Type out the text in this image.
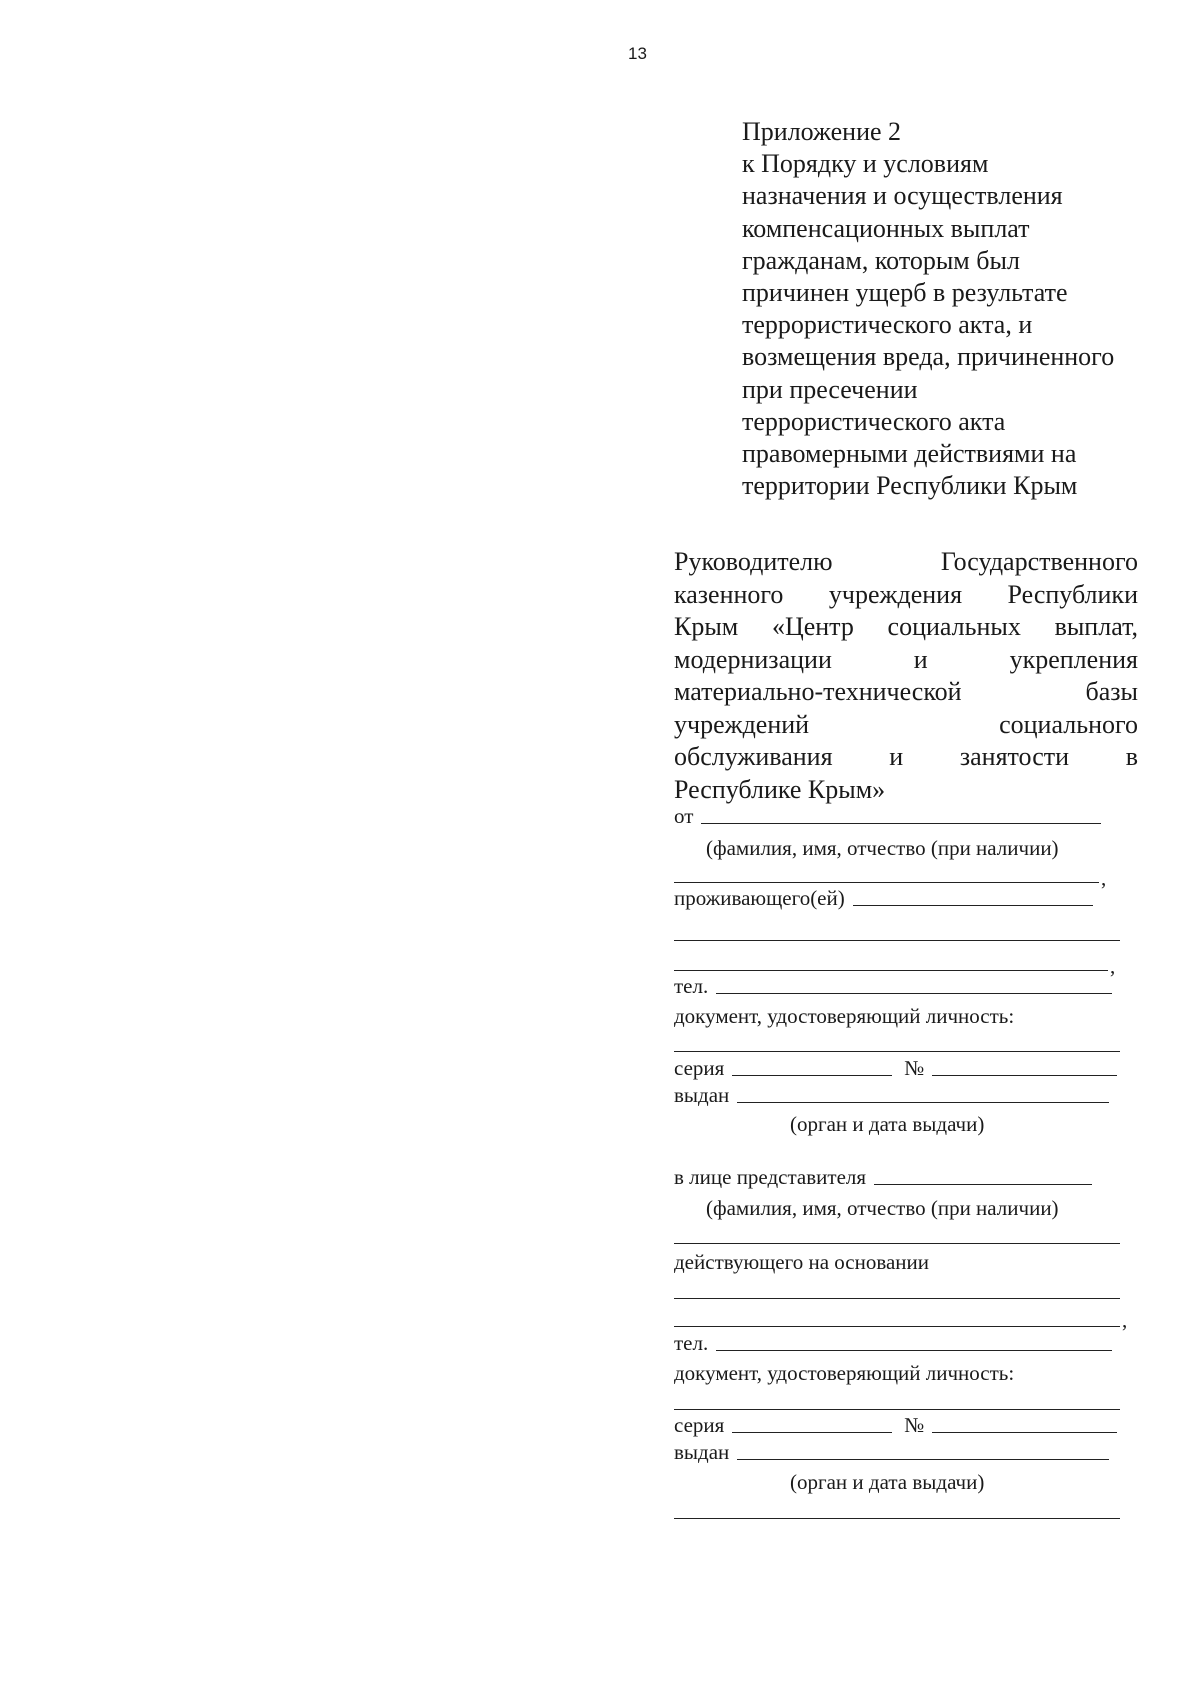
13
Приложение 2
к Порядку и условиям
назначения и осуществления
компенсационных выплат
гражданам, которым был
причинен ущерб в результате
террористического акта, и
возмещения вреда, причиненного
при пресечении
террористического акта
правомерными действиями на
территории Республики Крым
Руководителю	Государственного
казенного учреждения Республики
Крым «Центр социальных выплат,
модернизации	и	укрепления
материально-технической	базы
учреждений	социального
обслуживания и занятости в
Республике Крым»
от
(фамилия, имя, отчество (при наличии)
,
проживающего(ей)
,
тел.
документ, удостоверяющий личность:
серия	№
выдан
(орган и дата выдачи)
в лице представителя
(фамилия, имя, отчество (при наличии)
действующего на основании
,
тел.
документ, удостоверяющий личность:
серия	№
выдан
(орган и дата выдачи)
